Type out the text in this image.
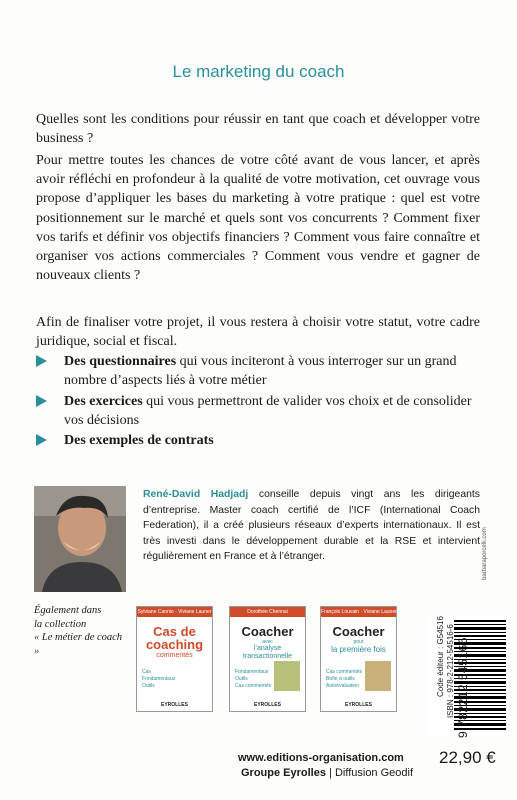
Le marketing du coach
Quelles sont les conditions pour réussir en tant que coach et développer votre business ?
Pour mettre toutes les chances de votre côté avant de vous lancer, et après avoir réfléchi en profondeur à la qualité de votre motivation, cet ouvrage vous propose d’appliquer les bases du marketing à votre pratique : quel est votre positionnement sur le marché et quels sont vos concurrents ? Comment fixer vos tarifs et définir vos objectifs financiers ? Comment vous faire connaître et organiser vos actions commerciales ? Comment vous vendre et gagner de nouveaux clients ?
Afin de finaliser votre projet, il vous restera à choisir votre statut, votre cadre juridique, social et fiscal.
Des questionnaires qui vous inciteront à vous interroger sur un grand nombre d’aspects liés à votre métier
Des exercices qui vous permettront de valider vos choix et de consolider vos décisions
Des exemples de contrats
René-David Hadjadj conseille depuis vingt ans les dirigeants d’entreprise. Master coach certifié de l’ICF (International Coach Federation), il a créé plusieurs réseaux d’experts internationaux. Il est très investi dans le développement durable et la RSE et intervient régulièrement en France et à l’étranger.
Également dans
la collection
« Le métier de coach »
Sylviane Cannio · Viviane Launer
Cas de
coaching
commentés
Cas
Fondamentaux
Outils
EYROLLES
Dorothée Chennai
Coacher
avec
l’analyse transactionnelle
Fondamentaux
Outils
Cas commentés
EYROLLES
François Louvain · Viviane Launer · Joëlle Philippe
Coacher
pour
la première fois
Cas commentés
Boîte à outils
Autoévaluation
EYROLLES
Code éditeur : G54516 ISBN : 978-2-212-54516-6 9 782212 545166
barbaraporcelli.com
www.editions-organisation.com
Groupe Eyrolles | Diffusion Geodif
22,90 €
